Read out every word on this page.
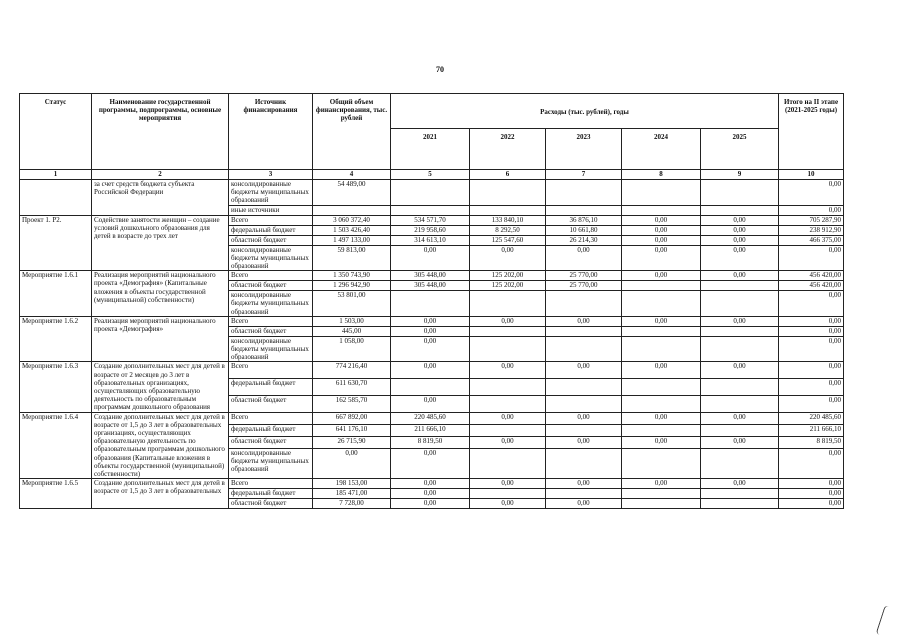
70
Статус	Наименование государственной программы, подпрограммы, основные мероприятия	Источник финансирования	Общий объем финансирования, тыс. рублей	Расходы (тыс. рублей), годы					Итого на II этапе (2021-2025 годы)
				2021	2022	2023	2024	2025	
1	2	3	4	5	6	7	8	9	10
	за счет средств бюджета субъекта Российской Федерации	консолидированные бюджеты муниципальных образований	54 489,00						0,00
		иные источники							0,00
Проект 1. Р2.	Содействие занятости женщин – создание условий дошкольного образования для детей в возрасте до трех лет	Всего	3 060 372,40	534 571,70	133 840,10	36 876,10	0,00	0,00	705 287,90
		федеральный бюджет	1 503 426,40	219 958,60	8 292,50	10 661,80	0,00	0,00	238 912,90
		областной бюджет	1 497 133,00	314 613,10	125 547,60	26 214,30	0,00	0,00	466 375,00
		консолидированные бюджеты муниципальных образований	59 813,00	0,00	0,00	0,00	0,00	0,00	0,00
Мероприятие 1.6.1	Реализация мероприятий национального проекта «Демография» (Капитальные вложения в объекты государственной (муниципальной) собственности)	Всего	1 350 743,90	305 448,00	125 202,00	25 770,00	0,00	0,00	456 420,00
		областной бюджет	1 296 942,90	305 448,00	125 202,00	25 770,00			456 420,00
		консолидированные бюджеты муниципальных образований	53 801,00						0,00
Мероприятие 1.6.2	Реализация мероприятий национального проекта «Демография»	Всего	1 503,00	0,00	0,00	0,00	0,00	0,00	0,00
		областной бюджет	445,00	0,00					0,00
		консолидированные бюджеты муниципальных образований	1 058,00	0,00					0,00
Мероприятие 1.6.3	Создание дополнительных мест для детей в возрасте от 2 месяцев до 3 лет в образовательных организациях, осуществляющих образовательную деятельность по образовательным программам дошкольного образования	Всего	774 216,40	0,00	0,00	0,00	0,00	0,00	0,00
		федеральный бюджет	611 630,70						0,00
		областной бюджет	162 585,70	0,00					0,00
Мероприятие 1.6.4	Создание дополнительных мест для детей в возрасте от 1,5 до 3 лет в образовательных организациях, осуществляющих образовательную деятельность по образовательным программам дошкольного образования (Капитальные вложения в объекты государственной (муниципальной) собственности)	Всего	667 892,00	220 485,60	0,00	0,00	0,00	0,00	220 485,60
		федеральный бюджет	641 176,10	211 666,10					211 666,10
		областной бюджет	26 715,90	8 819,50	0,00	0,00	0,00	0,00	8 819,50
		консолидированные бюджеты муниципальных образований	0,00	0,00					0,00
Мероприятие 1.6.5	Создание дополнительных мест для детей в возрасте от 1,5 до 3 лет в образовательных	Всего	198 153,00	0,00	0,00	0,00	0,00	0,00	0,00
		федеральный бюджет	185 471,00	0,00					0,00
		областной бюджет	7 728,00	0,00	0,00	0,00			0,00
